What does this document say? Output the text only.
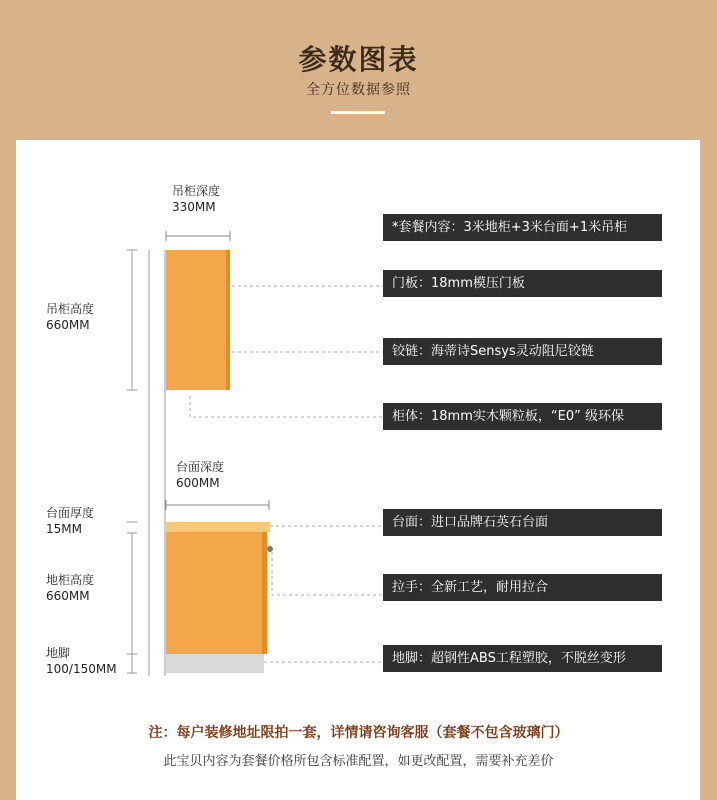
参数图表
全方位数据参照
吊柜深度
330MM
吊柜高度
660MM
台面深度
600MM
台面厚度
15MM
地柜高度
660MM
地脚
100/150MM
*套餐内容：3米地柜+3米台面+1米吊柜
门板：18mm模压门板
铰链：海蒂诗Sensys灵动阻尼铰链
柜体：18mm实木颗粒板，“E0” 级环保
台面：进口品牌石英石台面
拉手：全新工艺，耐用拉合
地脚：超钢性ABS工程塑胶，不脱丝变形
注：每户装修地址限拍一套，详情请咨询客服（套餐不包含玻璃门）
此宝贝内容为套餐价格所包含标准配置，如更改配置，需要补充差价
